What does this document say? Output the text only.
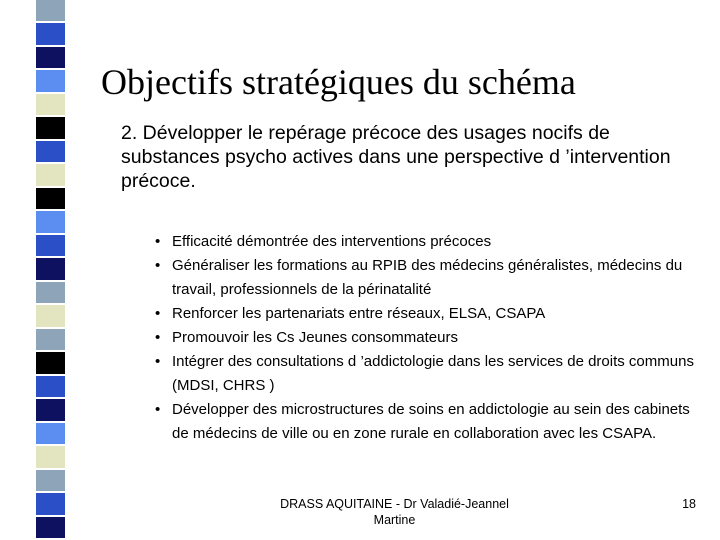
Objectifs stratégiques du schéma

2. Développer le repérage précoce des usages nocifs de substances psycho actives dans une perspective d ’intervention précoce.

• Efficacité démontrée des interventions précoces
• Généraliser les formations au RPIB des médecins généralistes, médecins du travail, professionnels de la périnatalité
• Renforcer les partenariats entre réseaux, ELSA, CSAPA
• Promouvoir les Cs Jeunes consommateurs
• Intégrer des consultations d ’addictologie dans les services de droits communs (MDSI, CHRS )
• Développer des microstructures de soins en addictologie au sein des cabinets de médecins de ville ou en zone rurale en collaboration avec les CSAPA.
DRASS AQUITAINE - Dr Valadié-Jeannel Martine
18
